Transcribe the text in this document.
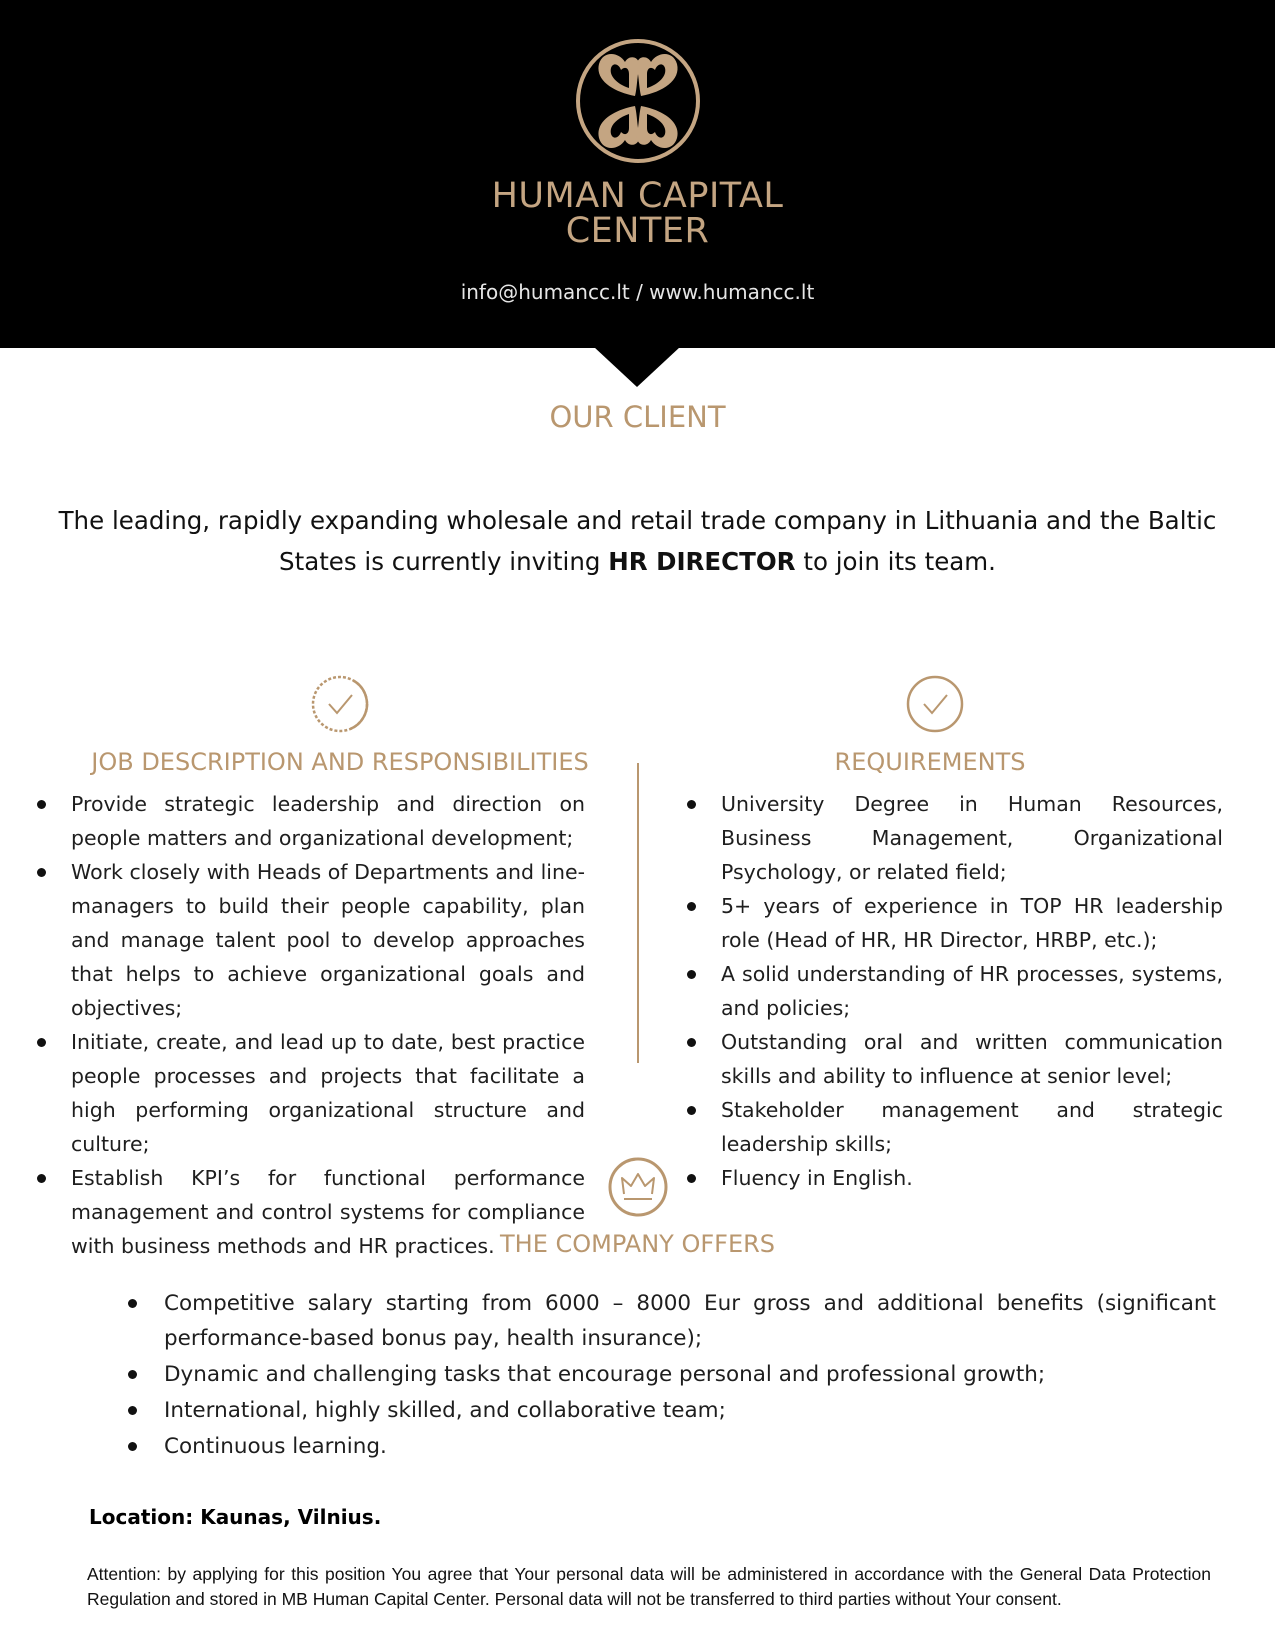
HUMAN CAPITAL
CENTER
info@humancc.lt / www.humancc.lt
OUR CLIENT
The leading, rapidly expanding wholesale and retail trade company in Lithuania and the Baltic States is currently inviting HR DIRECTOR to join its team.
JOB DESCRIPTION AND RESPONSIBILITIES	REQUIREMENTS
Provide strategic leadership and direction on people matters and organizational development;
Work closely with Heads of Departments and line-managers to build their people capability, plan and manage talent pool to develop approaches that helps to achieve organizational goals and objectives;
Initiate, create, and lead up to date, best practice people processes and projects that facilitate a high performing organizational structure and culture;
Establish KPI’s for functional performance management and control systems for compliance with business methods and HR practices.
University Degree in Human Resources, Business Management, Organizational Psychology, or related field;
5+ years of experience in TOP HR leadership role (Head of HR, HR Director, HRBP, etc.);
A solid understanding of HR processes, systems, and policies;
Outstanding oral and written communication skills and ability to influence at senior level;
Stakeholder management and strategic leadership skills;
Fluency in English.
THE COMPANY OFFERS
Competitive salary starting from 6000 – 8000 Eur gross and additional benefits (significant performance-based bonus pay, health insurance);
Dynamic and challenging tasks that encourage personal and professional growth;
International, highly skilled, and collaborative team;
Continuous learning.
Location: Kaunas, Vilnius.
Attention: by applying for this position You agree that Your personal data will be administered in accordance with the General Data Protection Regulation and stored in MB Human Capital Center. Personal data will not be transferred to third parties without Your consent.
